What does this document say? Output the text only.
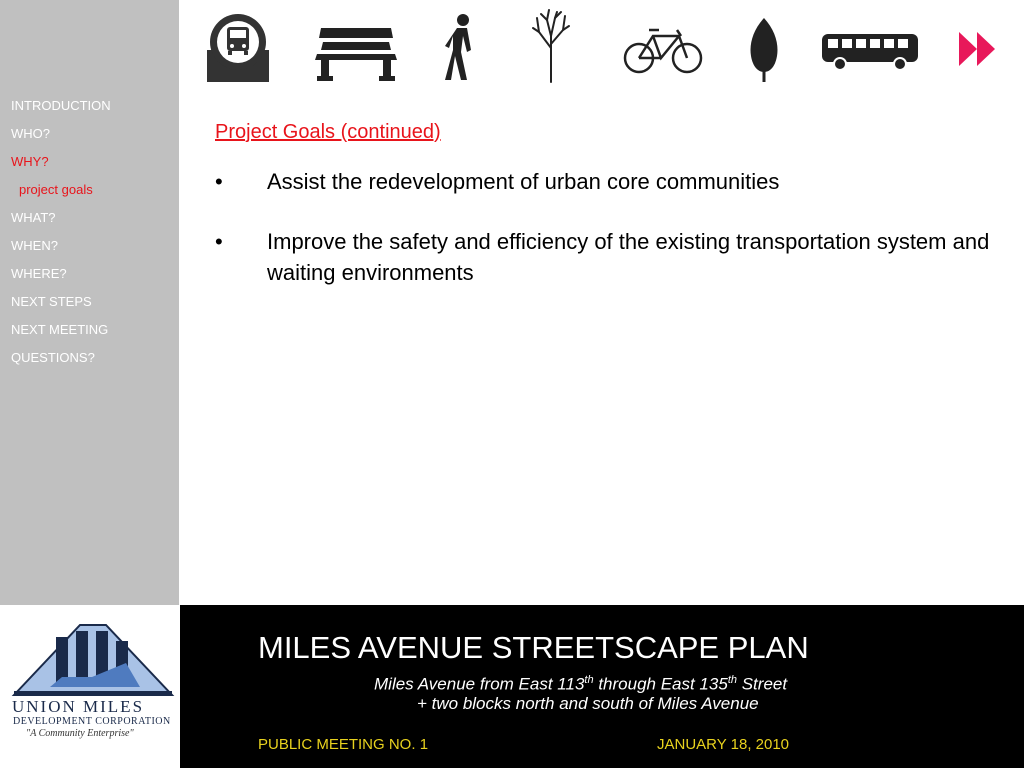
INTRODUCTION
WHO?
WHY?
project goals
WHAT?
WHEN?
WHERE?
NEXT STEPS
NEXT MEETING
QUESTIONS?

Project Goals (continued)

• Assist the redevelopment of urban core communities
• Improve the safety and efficiency of the existing transportation system and waiting environments
UNION MILES
DEVELOPMENT CORPORATION
"A Community Enterprise"
MILES AVENUE STREETSCAPE PLAN
Miles Avenue from East 113th through East 135th Street
+ two blocks north and south of Miles Avenue
PUBLIC MEETING NO. 1	JANUARY 18, 2010
